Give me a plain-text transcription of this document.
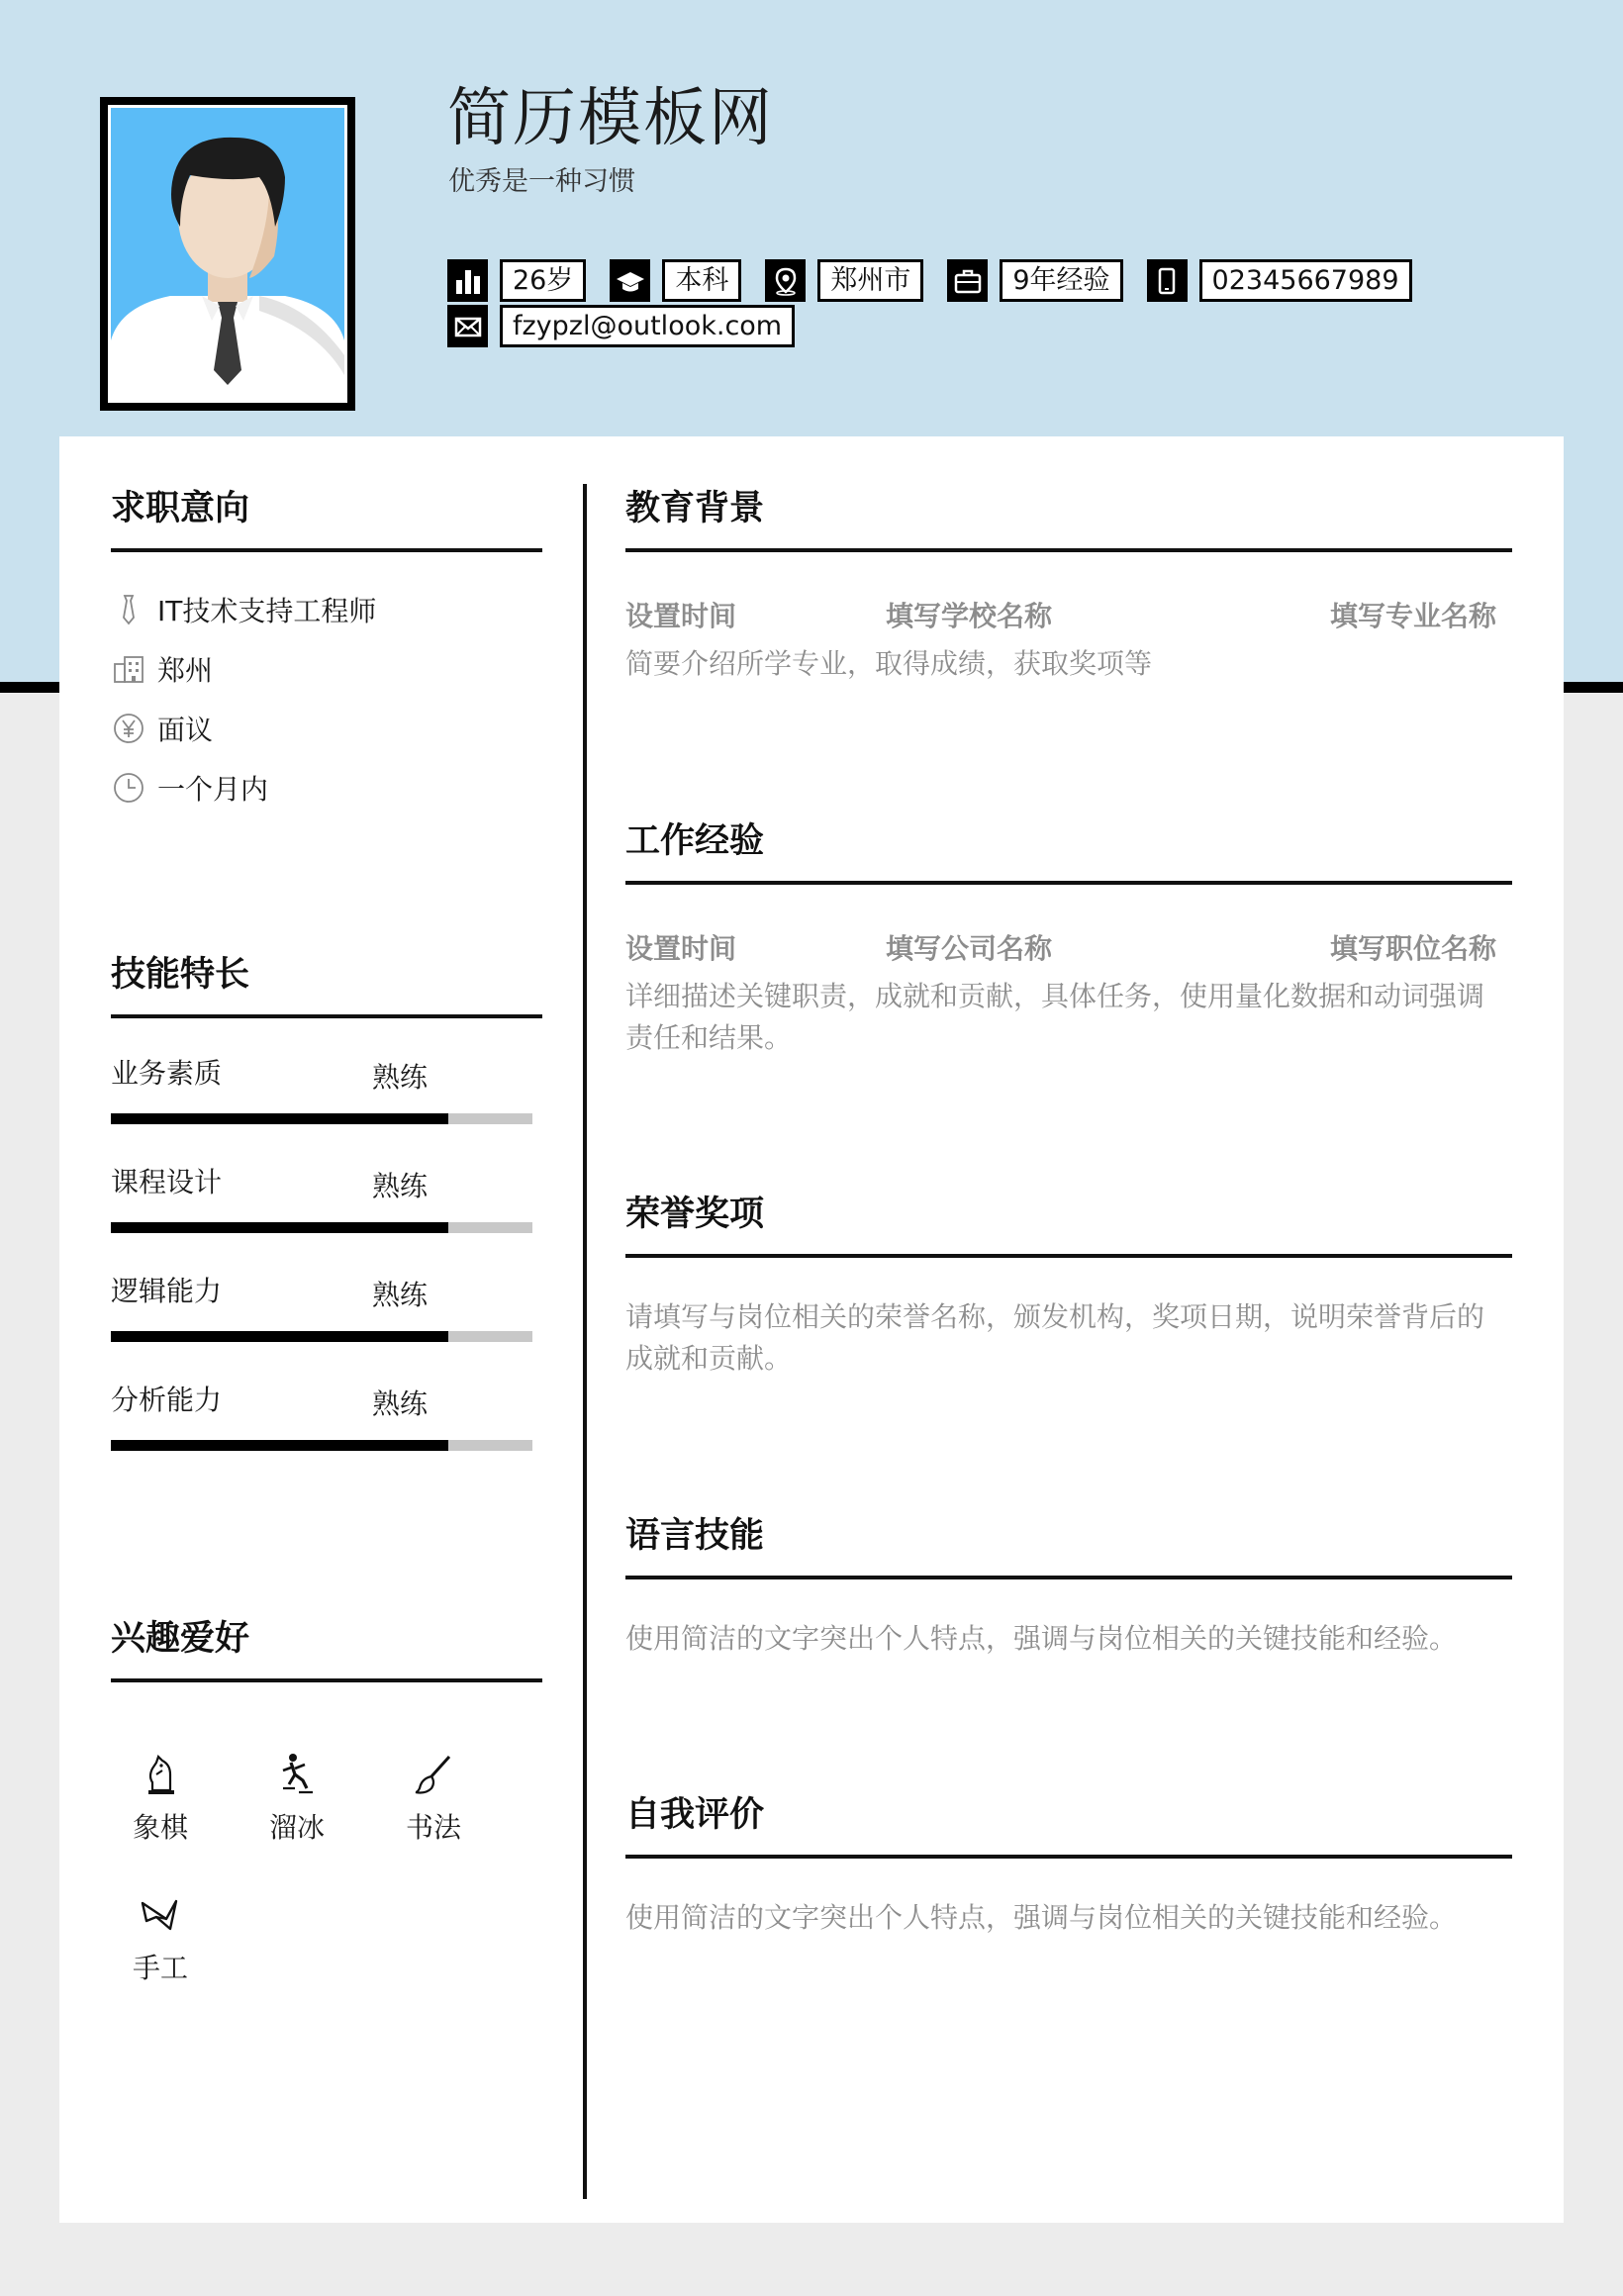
简历模板网
优秀是一种习惯
26岁	本科	郑州市	9年经验	02345667989
fzypzl@outlook.com
求职意向
IT技术支持工程师
郑州
面议
一个月内
技能特长
业务素质	熟练
课程设计	熟练
逻辑能力	熟练
分析能力	熟练
兴趣爱好
象棋	溜冰	书法
手工
教育背景
设置时间	填写学校名称	填写专业名称
简要介绍所学专业，取得成绩，获取奖项等
工作经验
设置时间	填写公司名称	填写职位名称
详细描述关键职责，成就和贡献，具体任务，使用量化数据和动词强调责任和结果。
荣誉奖项
请填写与岗位相关的荣誉名称，颁发机构，奖项日期，说明荣誉背后的成就和贡献。
语言技能
使用简洁的文字突出个人特点，强调与岗位相关的关键技能和经验。
自我评价
使用简洁的文字突出个人特点，强调与岗位相关的关键技能和经验。
